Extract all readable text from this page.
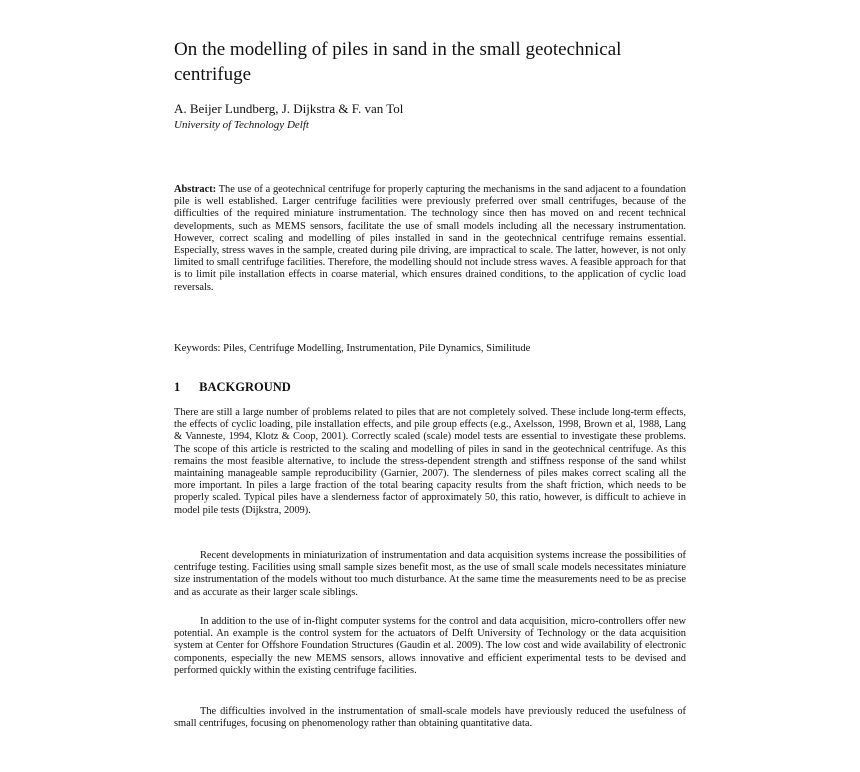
On the modelling of piles in sand in the small geotechnical centrifuge
A. Beijer Lundberg, J. Dijkstra & F. van Tol
University of Technology Delft

Abstract: The use of a geotechnical centrifuge for properly capturing the mechanisms in the sand adjacent to a foundation pile is well established. Larger centrifuge facilities were previously preferred over small centrifuges, because of the difficulties of the required miniature instrumentation. The technology since then has moved on and recent technical developments, such as MEMS sensors, facilitate the use of small models including all the necessary instrumentation. However, correct scaling and modelling of piles installed in sand in the geotechnical centrifuge remains essential. Especially, stress waves in the sample, created during pile driving, are impractical to scale. The latter, however, is not only limited to small centrifuge facilities. Therefore, the modelling should not include stress waves. A feasible approach for that is to limit pile installation effects in coarse material, which ensures drained conditions, to the application of cyclic load reversals.

Keywords: Piles, Centrifuge Modelling, Instrumentation, Pile Dynamics, Similitude
1 BACKGROUND

There are still a large number of problems related to piles that are not completely solved. These include long-term effects, the effects of cyclic loading, pile installation effects, and pile group effects (e.g., Axelsson, 1998, Brown et al, 1988, Lang & Vanneste, 1994, Klotz & Coop, 2001). Correctly scaled (scale) model tests are essential to investigate these problems. The scope of this article is restricted to the scaling and modelling of piles in sand in the geotechnical centrifuge. As this remains the most feasible alternative, to include the stress-dependent strength and stiffness response of the sand whilst maintaining manageable sample reproducibility (Garnier, 2007). The slenderness of piles makes correct scaling all the more important. In piles a large fraction of the total bearing capacity results from the shaft friction, which needs to be properly scaled. Typical piles have a slenderness factor of approximately 50, this ratio, however, is difficult to achieve in model pile tests (Dijkstra, 2009).

Recent developments in miniaturization of instrumentation and data acquisition systems increase the possibilities of centrifuge testing. Facilities using small sample sizes benefit most, as the use of small scale models necessitates miniature size instrumentation of the models without too much disturbance. At the same time the measurements need to be as precise and as accurate as their larger scale siblings.

In addition to the use of in-flight computer systems for the control and data acquisition, micro-controllers offer new potential. An example is the control system for the actuators of Delft University of Technology or the data acquisition system at Center for Offshore Foundation Structures (Gaudin et al. 2009). The low cost and wide availability of electronic components, especially the new MEMS sensors, allows innovative and efficient experimental tests to be devised and performed quickly within the existing centrifuge facilities.

The difficulties involved in the instrumentation of small-scale models have previously reduced the usefulness of small centrifuges, focusing on phenomenology rather than obtaining quantitative data.
